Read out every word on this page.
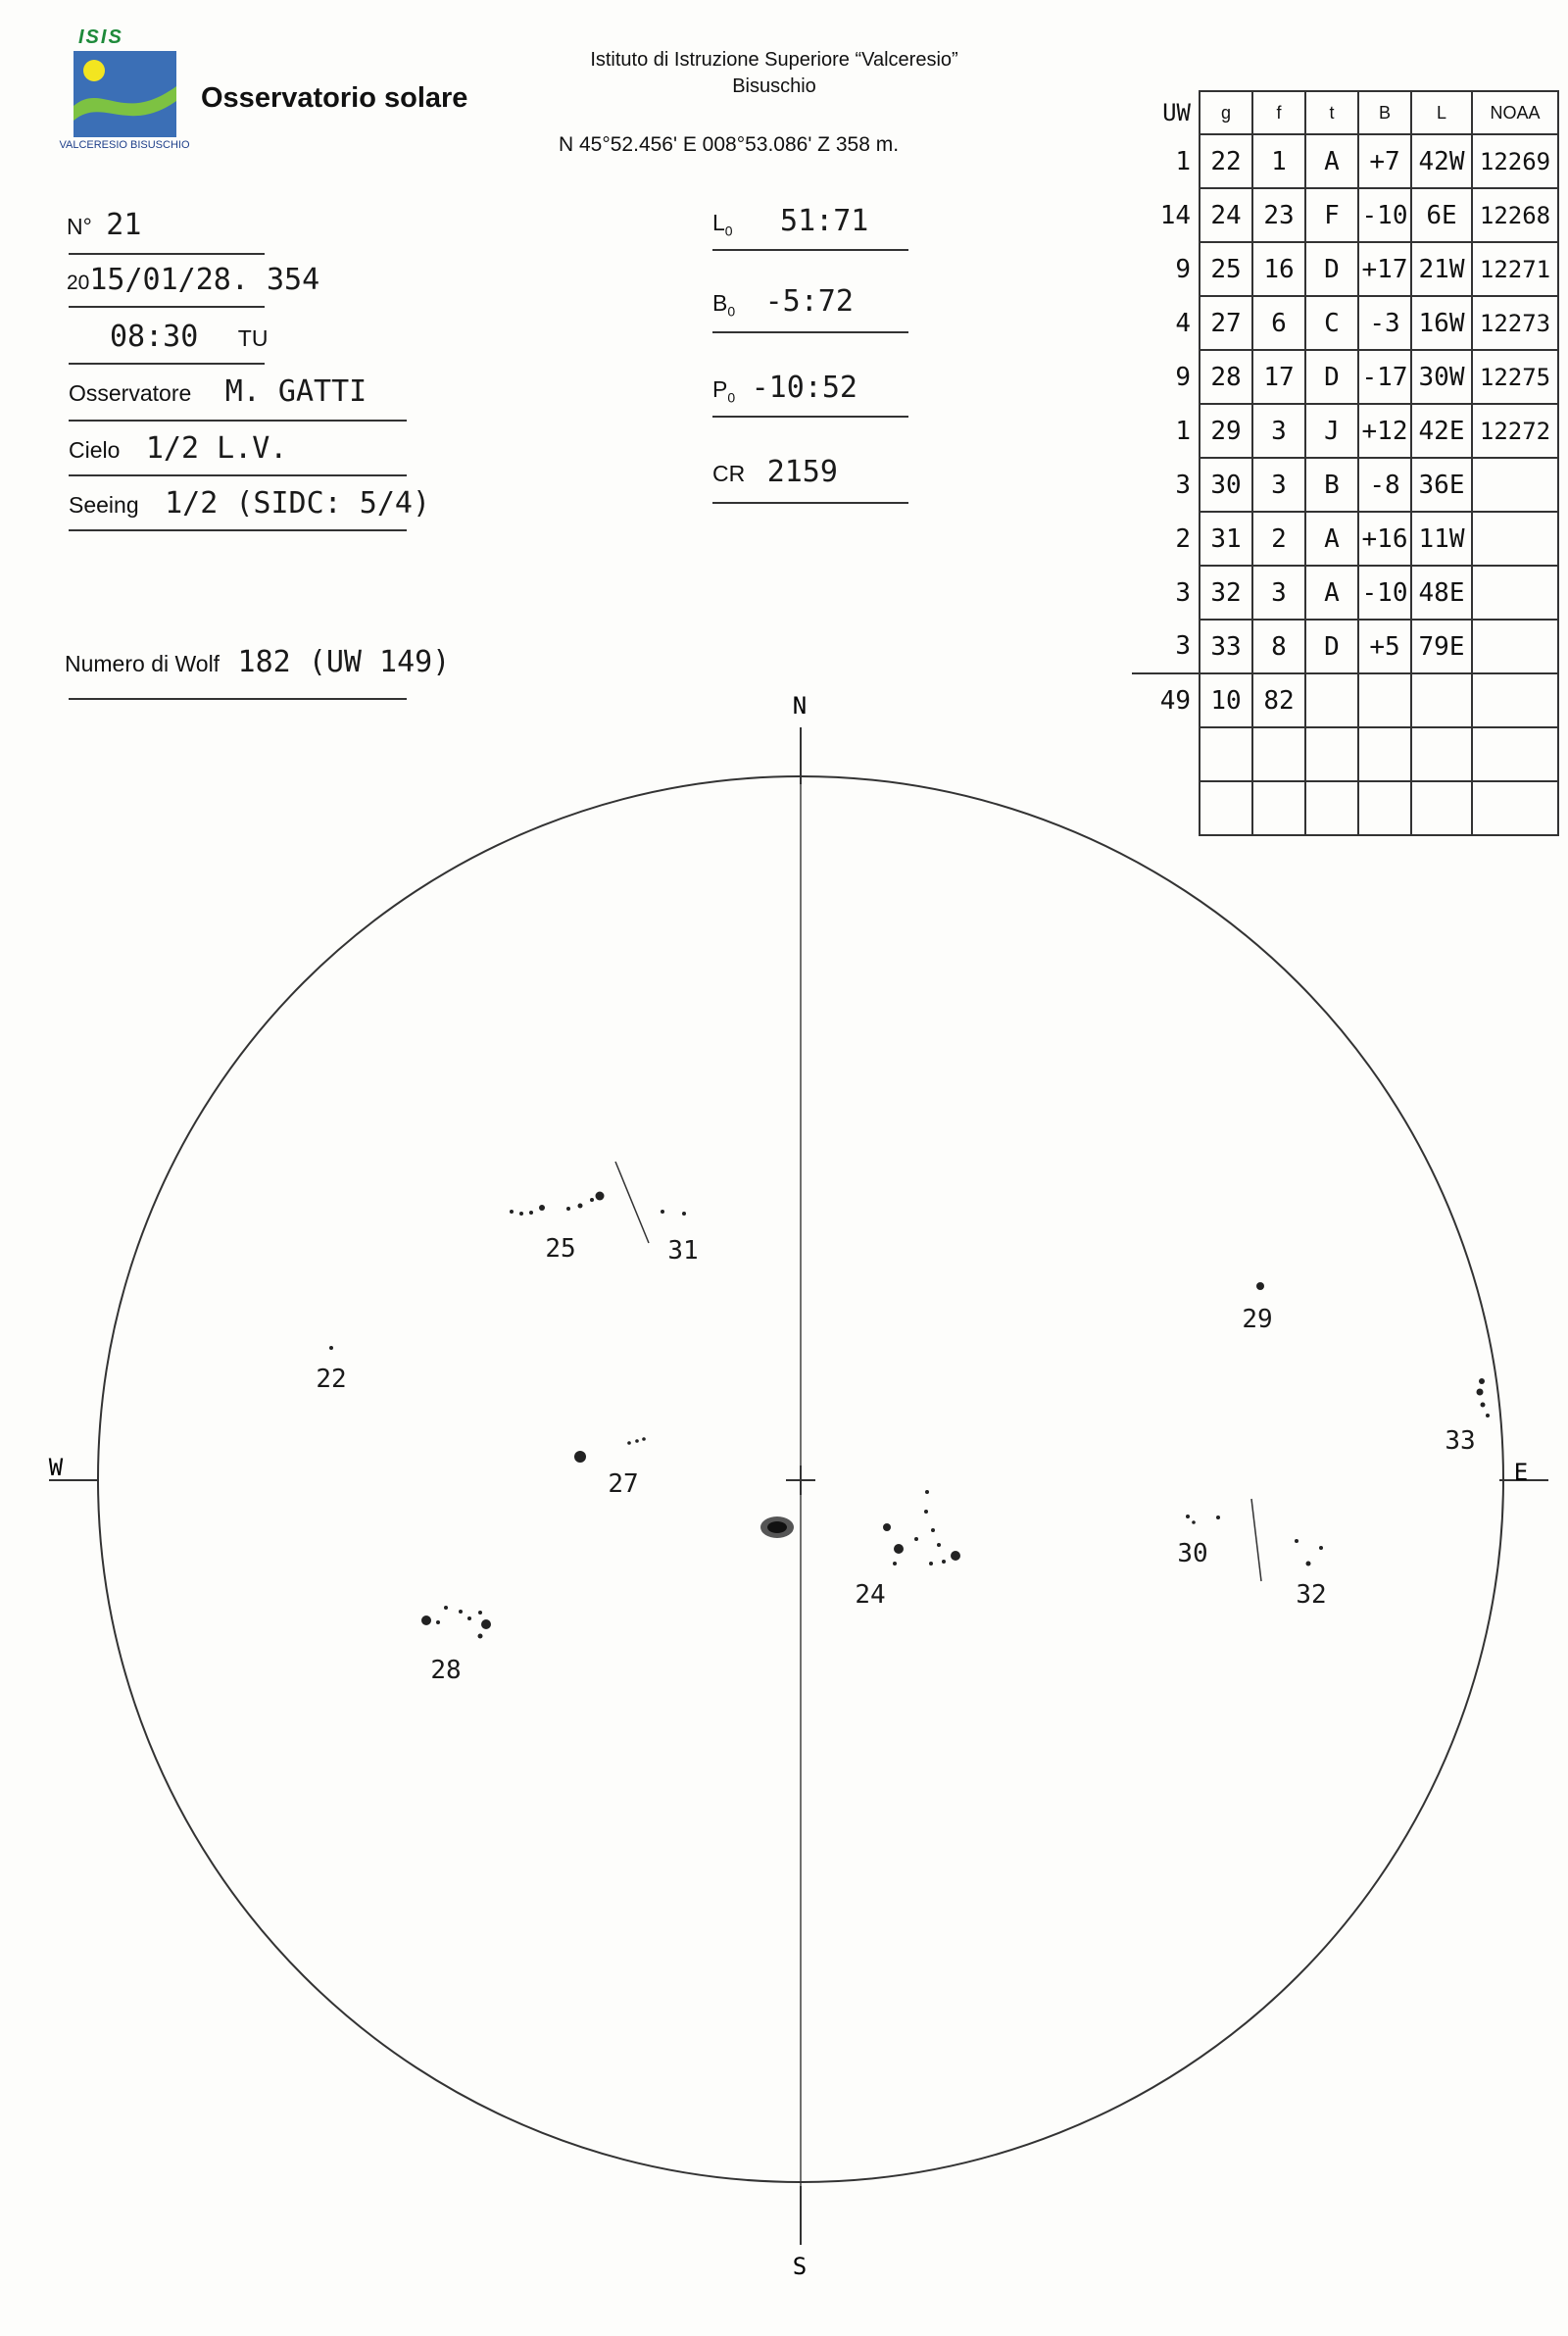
ISIS
VALCERESIO BISUSCHIO
Osservatorio solare
Istituto di Istruzione Superiore “Valceresio”
Bisuschio
N 45°52.456' E 008°53.086' Z 358 m.
N° 21
2015/01/28. 354
08:30 TU
Osservatore M. GATTI
Cielo 1/2 L.V.
Seeing 1/2 (SIDC: 5/4)
Numero di Wolf 182 (UW 149)
$L_0$ 51:71
$B_0$ -5:72
$P_0$ -10:52
CR 2159
UW	g	f	t	B	L	NOAA
1	22	1	A	+7	42W	12269
14	24	23	F	-10	6E	12268
9	25	16	D	+17	21W	12271
4	27	6	C	-3	16W	12273
9	28	17	D	-17	30W	12275
1	29	3	J	+12	42E	12272
3	30	3	B	-8	36E	
2	31	2	A	+16	11W	
3	32	3	A	-10	48E	
3	33	8	D	+5	79E	
49	10	82				

N
S
W	E
22
24
25
27
28
29
30
31
32
33
